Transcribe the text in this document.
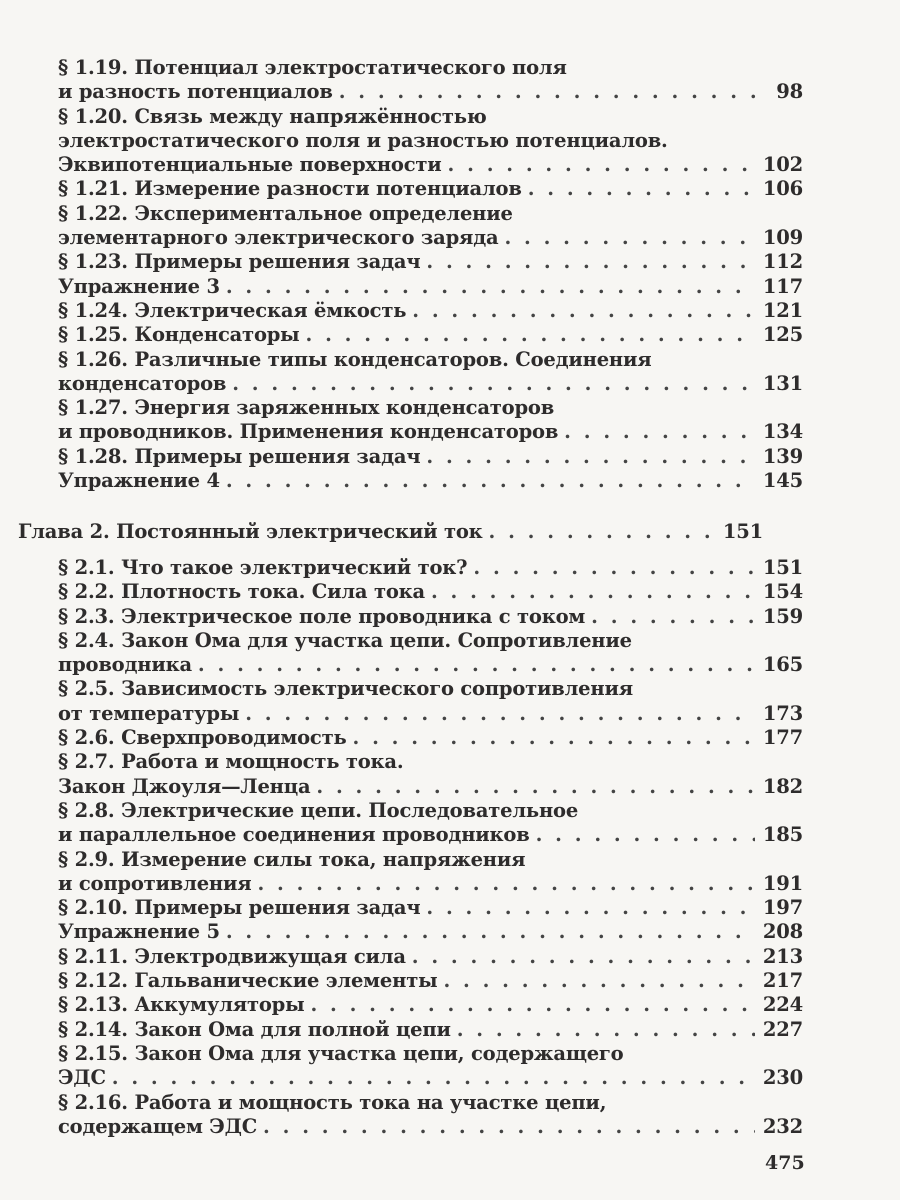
§ 1.19. Потенциал электростатического поля
и разность потенциалов . . .	98
§ 1.20. Связь между напряжённостью
электростатического поля и разностью потенциалов.
Эквипотенциальные поверхности . . .	102
§ 1.21. Измерение разности потенциалов . . .	106
§ 1.22. Экспериментальное определение
элементарного электрического заряда . . .	109
§ 1.23. Примеры решения задач . . .	112
Упражнение 3 . . .	117
§ 1.24. Электрическая ёмкость . . .	121
§ 1.25. Конденсаторы . . .	125
§ 1.26. Различные типы конденсаторов. Соединения
конденсаторов . . .	131
§ 1.27. Энергия заряженных конденсаторов
и проводников. Применения конденсаторов . . .	134
§ 1.28. Примеры решения задач . . .	139
Упражнение 4 . . .	145
Глава 2. Постоянный электрический ток . . .	151
§ 2.1. Что такое электрический ток? . . .	151
§ 2.2. Плотность тока. Сила тока . . .	154
§ 2.3. Электрическое поле проводника с током . . .	159
§ 2.4. Закон Ома для участка цепи. Сопротивление
проводника . . .	165
§ 2.5. Зависимость электрического сопротивления
от температуры . . .	173
§ 2.6. Сверхпроводимость . . .	177
§ 2.7. Работа и мощность тока.
Закон Джоуля—Ленца . . .	182
§ 2.8. Электрические цепи. Последовательное
и параллельное соединения проводников . . .	185
§ 2.9. Измерение силы тока, напряжения
и сопротивления . . .	191
§ 2.10. Примеры решения задач . . .	197
Упражнение 5 . . .	208
§ 2.11. Электродвижущая сила . . .	213
§ 2.12. Гальванические элементы . . .	217
§ 2.13. Аккумуляторы . . .	224
§ 2.14. Закон Ома для полной цепи . . .	227
§ 2.15. Закон Ома для участка цепи, содержащего
ЭДС . . .	230
§ 2.16. Работа и мощность тока на участке цепи,
содержащем ЭДС . . .	232
475
